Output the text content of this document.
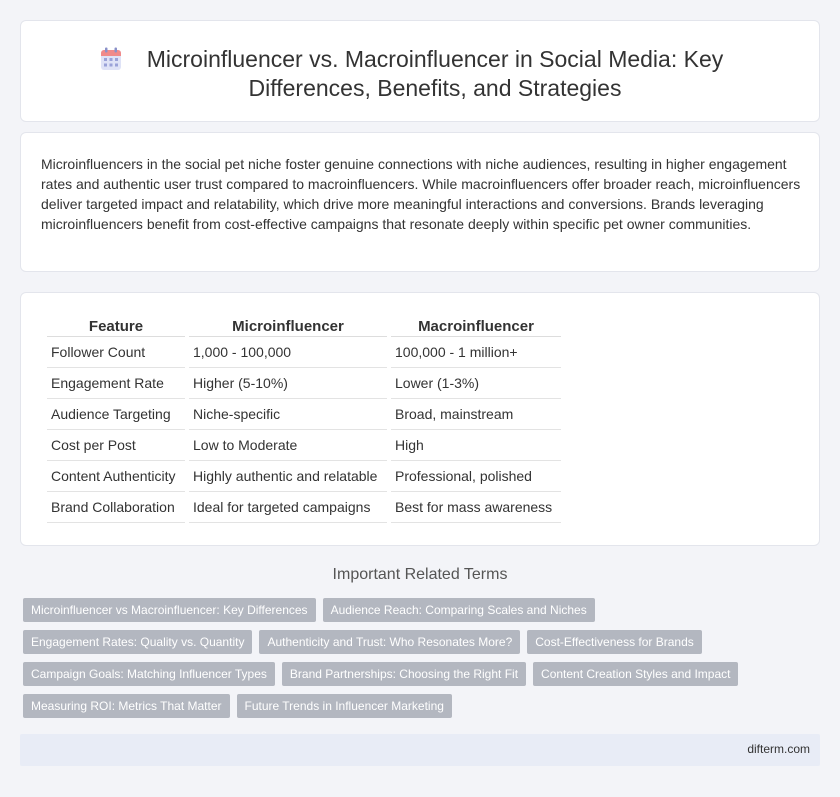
Microinfluencer vs. Macroinfluencer in Social Media: Key Differences, Benefits, and Strategies

Microinfluencers in the social pet niche foster genuine connections with niche audiences, resulting in higher engagement rates and authentic user trust compared to macroinfluencers. While macroinfluencers offer broader reach, microinfluencers deliver targeted impact and relatability, which drive more meaningful interactions and conversions. Brands leveraging microinfluencers benefit from cost-effective campaigns that resonate deeply within specific pet owner communities.

Feature	Microinfluencer	Macroinfluencer
Follower Count	1,000 - 100,000	100,000 - 1 million+
Engagement Rate	Higher (5-10%)	Lower (1-3%)
Audience Targeting	Niche-specific	Broad, mainstream
Cost per Post	Low to Moderate	High
Content Authenticity	Highly authentic and relatable	Professional, polished
Brand Collaboration	Ideal for targeted campaigns	Best for mass awareness
Important Related Terms
Microinfluencer vs Macroinfluencer: Key Differences	Audience Reach: Comparing Scales and Niches
Engagement Rates: Quality vs. Quantity	Authenticity and Trust: Who Resonates More?	Cost-Effectiveness for Brands
Campaign Goals: Matching Influencer Types	Brand Partnerships: Choosing the Right Fit	Content Creation Styles and Impact
Measuring ROI: Metrics That Matter	Future Trends in Influencer Marketing
difterm.com
